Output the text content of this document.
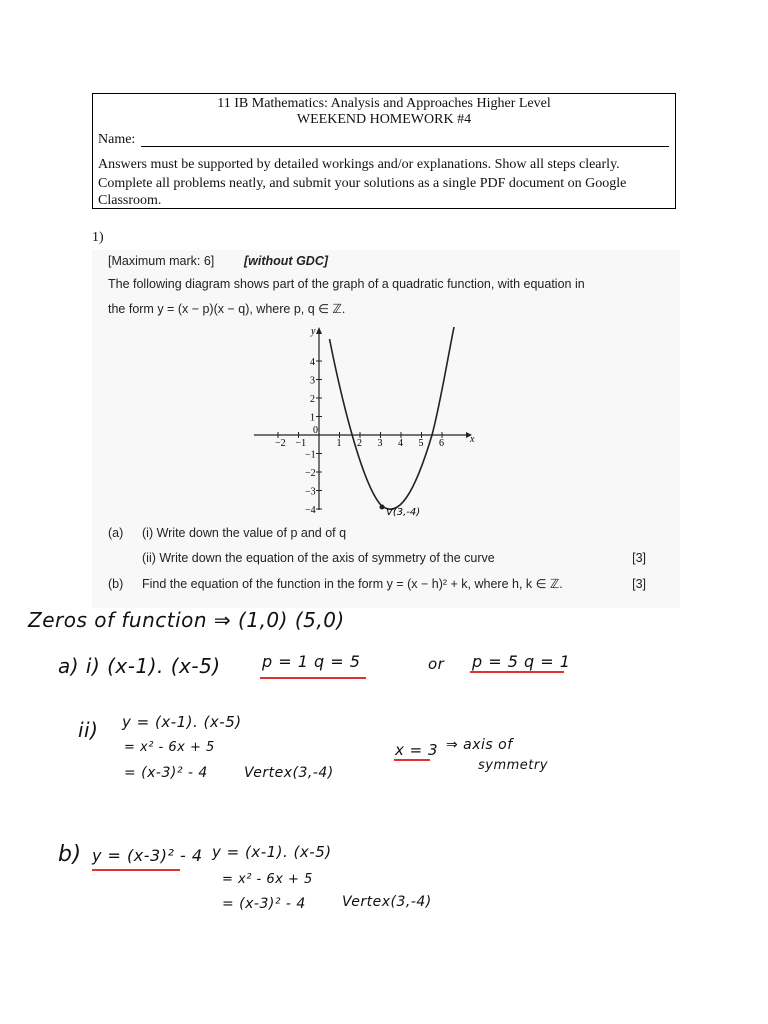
11 IB Mathematics: Analysis and Approaches Higher Level
WEEKEND HOMEWORK #4
Name:
Answers must be supported by detailed workings and/or explanations. Show all steps clearly.
Complete all problems neatly, and submit your solutions as a single PDF document on Google
Classroom.
1)
[Maximum mark: 6] [without GDC]
The following diagram shows part of the graph of a quadratic function, with equation in
the form y = (x − p)(x − q), where p, q ∈ ℤ.
x
y
−2 −1
0
1 2 3 4 5 6
1
2
3
4
−1
−2
−3
−4	V(3,-4)
(a) (i) Write down the value of p and of q
(ii) Write down the equation of the axis of symmetry of the curve	[3]
(b) Find the equation of the function in the form y = (x − h)² + k, where h, k ∈ ℤ.	[3]
Zeros of function ⇒ (1,0) (5,0)
a) i) (x-1). (x-5)	p = 1 q = 5	or p = 5 q = 1
ii) y = (x-1). (x-5)
= x² - 6x + 5
= (x-3)² - 4	Vertex(3,-4)
x = 3 ⇒ axis of
symmetry
b) y = (x-3)² - 4 y = (x-1). (x-5)
= x² - 6x + 5
= (x-3)² - 4	Vertex(3,-4)
